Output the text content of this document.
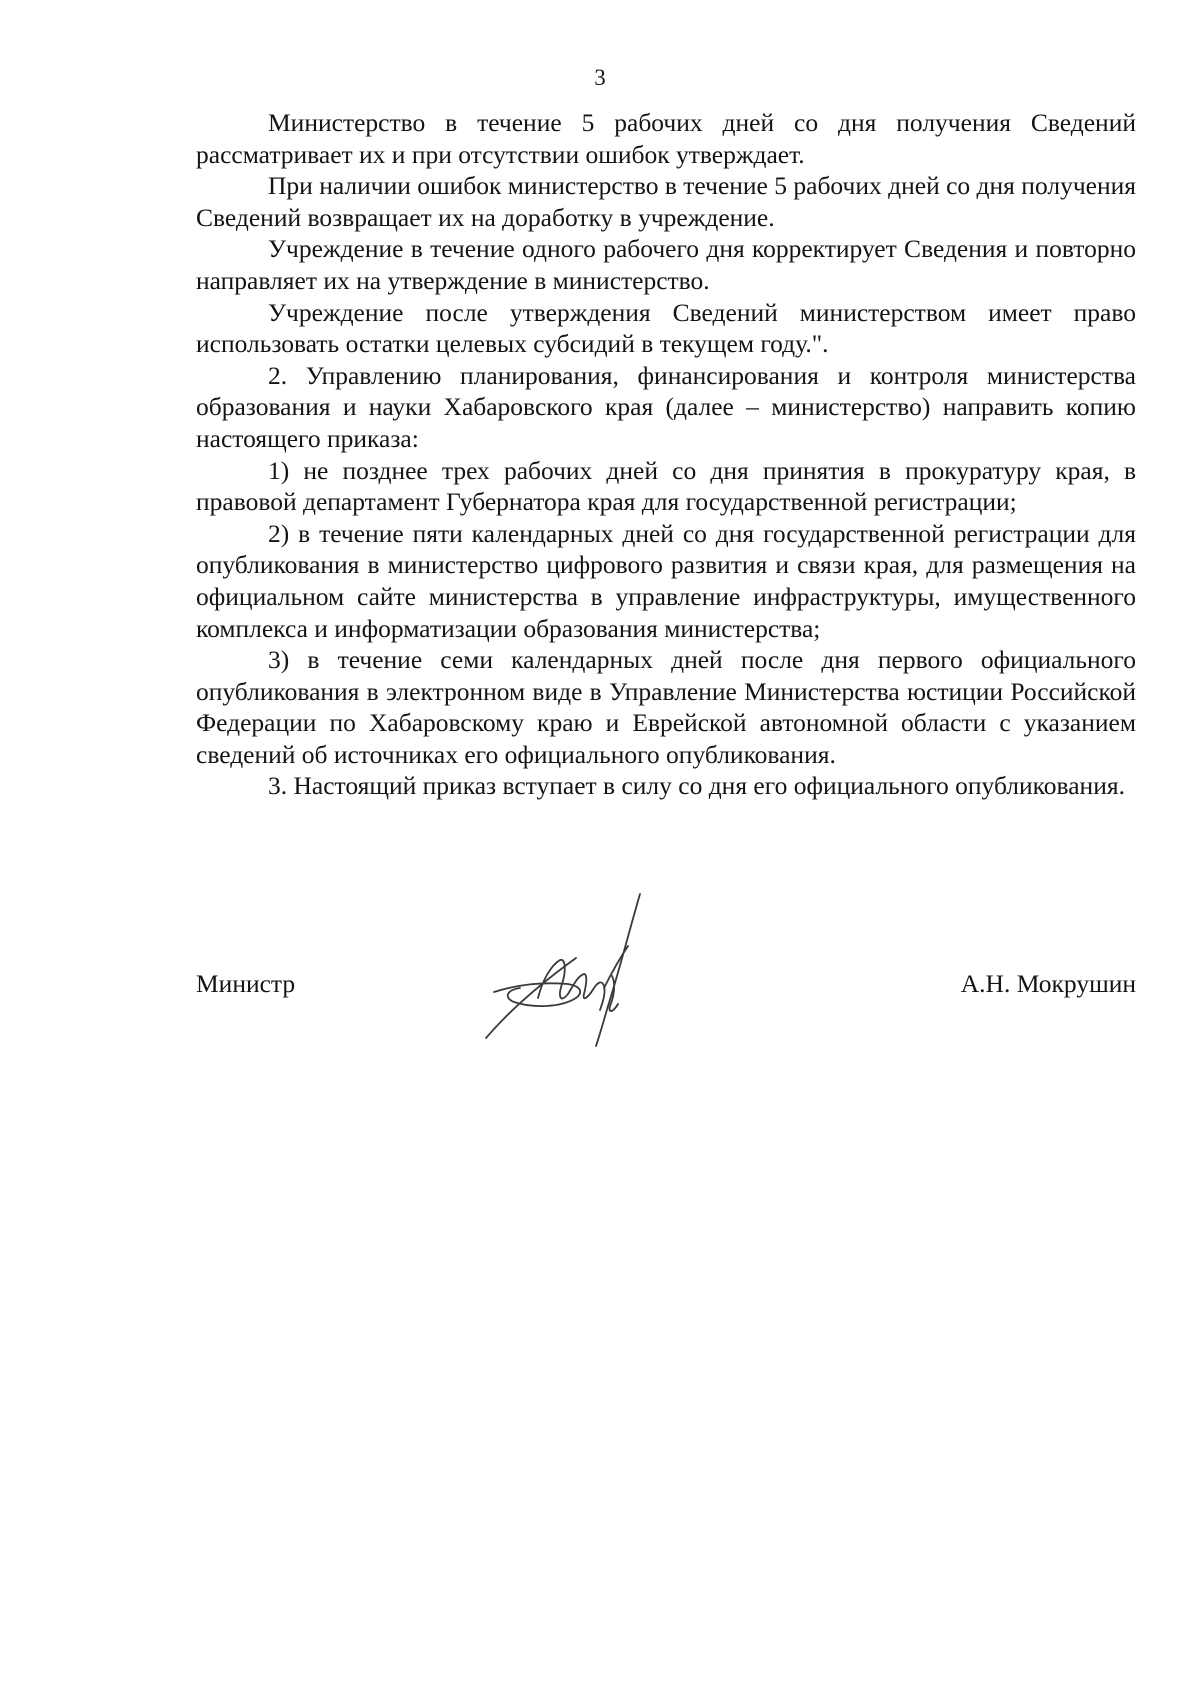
3

Министерство в течение 5 рабочих дней со дня получения Сведений рассматривает их и при отсутствии ошибок утверждает.

При наличии ошибок министерство в течение 5 рабочих дней со дня получения Сведений возвращает их на доработку в учреждение.

Учреждение в течение одного рабочего дня корректирует Сведения и повторно направляет их на утверждение в министерство.

Учреждение после утверждения Сведений министерством имеет право использовать остатки целевых субсидий в текущем году.".

2. Управлению планирования, финансирования и контроля министерства образования и науки Хабаровского края (далее – министерство) направить копию настоящего приказа:

1) не позднее трех рабочих дней со дня принятия в прокуратуру края, в правовой департамент Губернатора края для государственной регистрации;

2) в течение пяти календарных дней со дня государственной регистрации для опубликования в министерство цифрового развития и связи края, для размещения на официальном сайте министерства в управление инфраструктуры, имущественного комплекса и информатизации образования министерства;

3) в течение семи календарных дней после дня первого официального опубликования в электронном виде в Управление Министерства юстиции Российской Федерации по Хабаровскому краю и Еврейской автономной области с указанием сведений об источниках его официального опубликования.

3. Настоящий приказ вступает в силу со дня его официального опубликования.

Министр	А.Н. Мокрушин
